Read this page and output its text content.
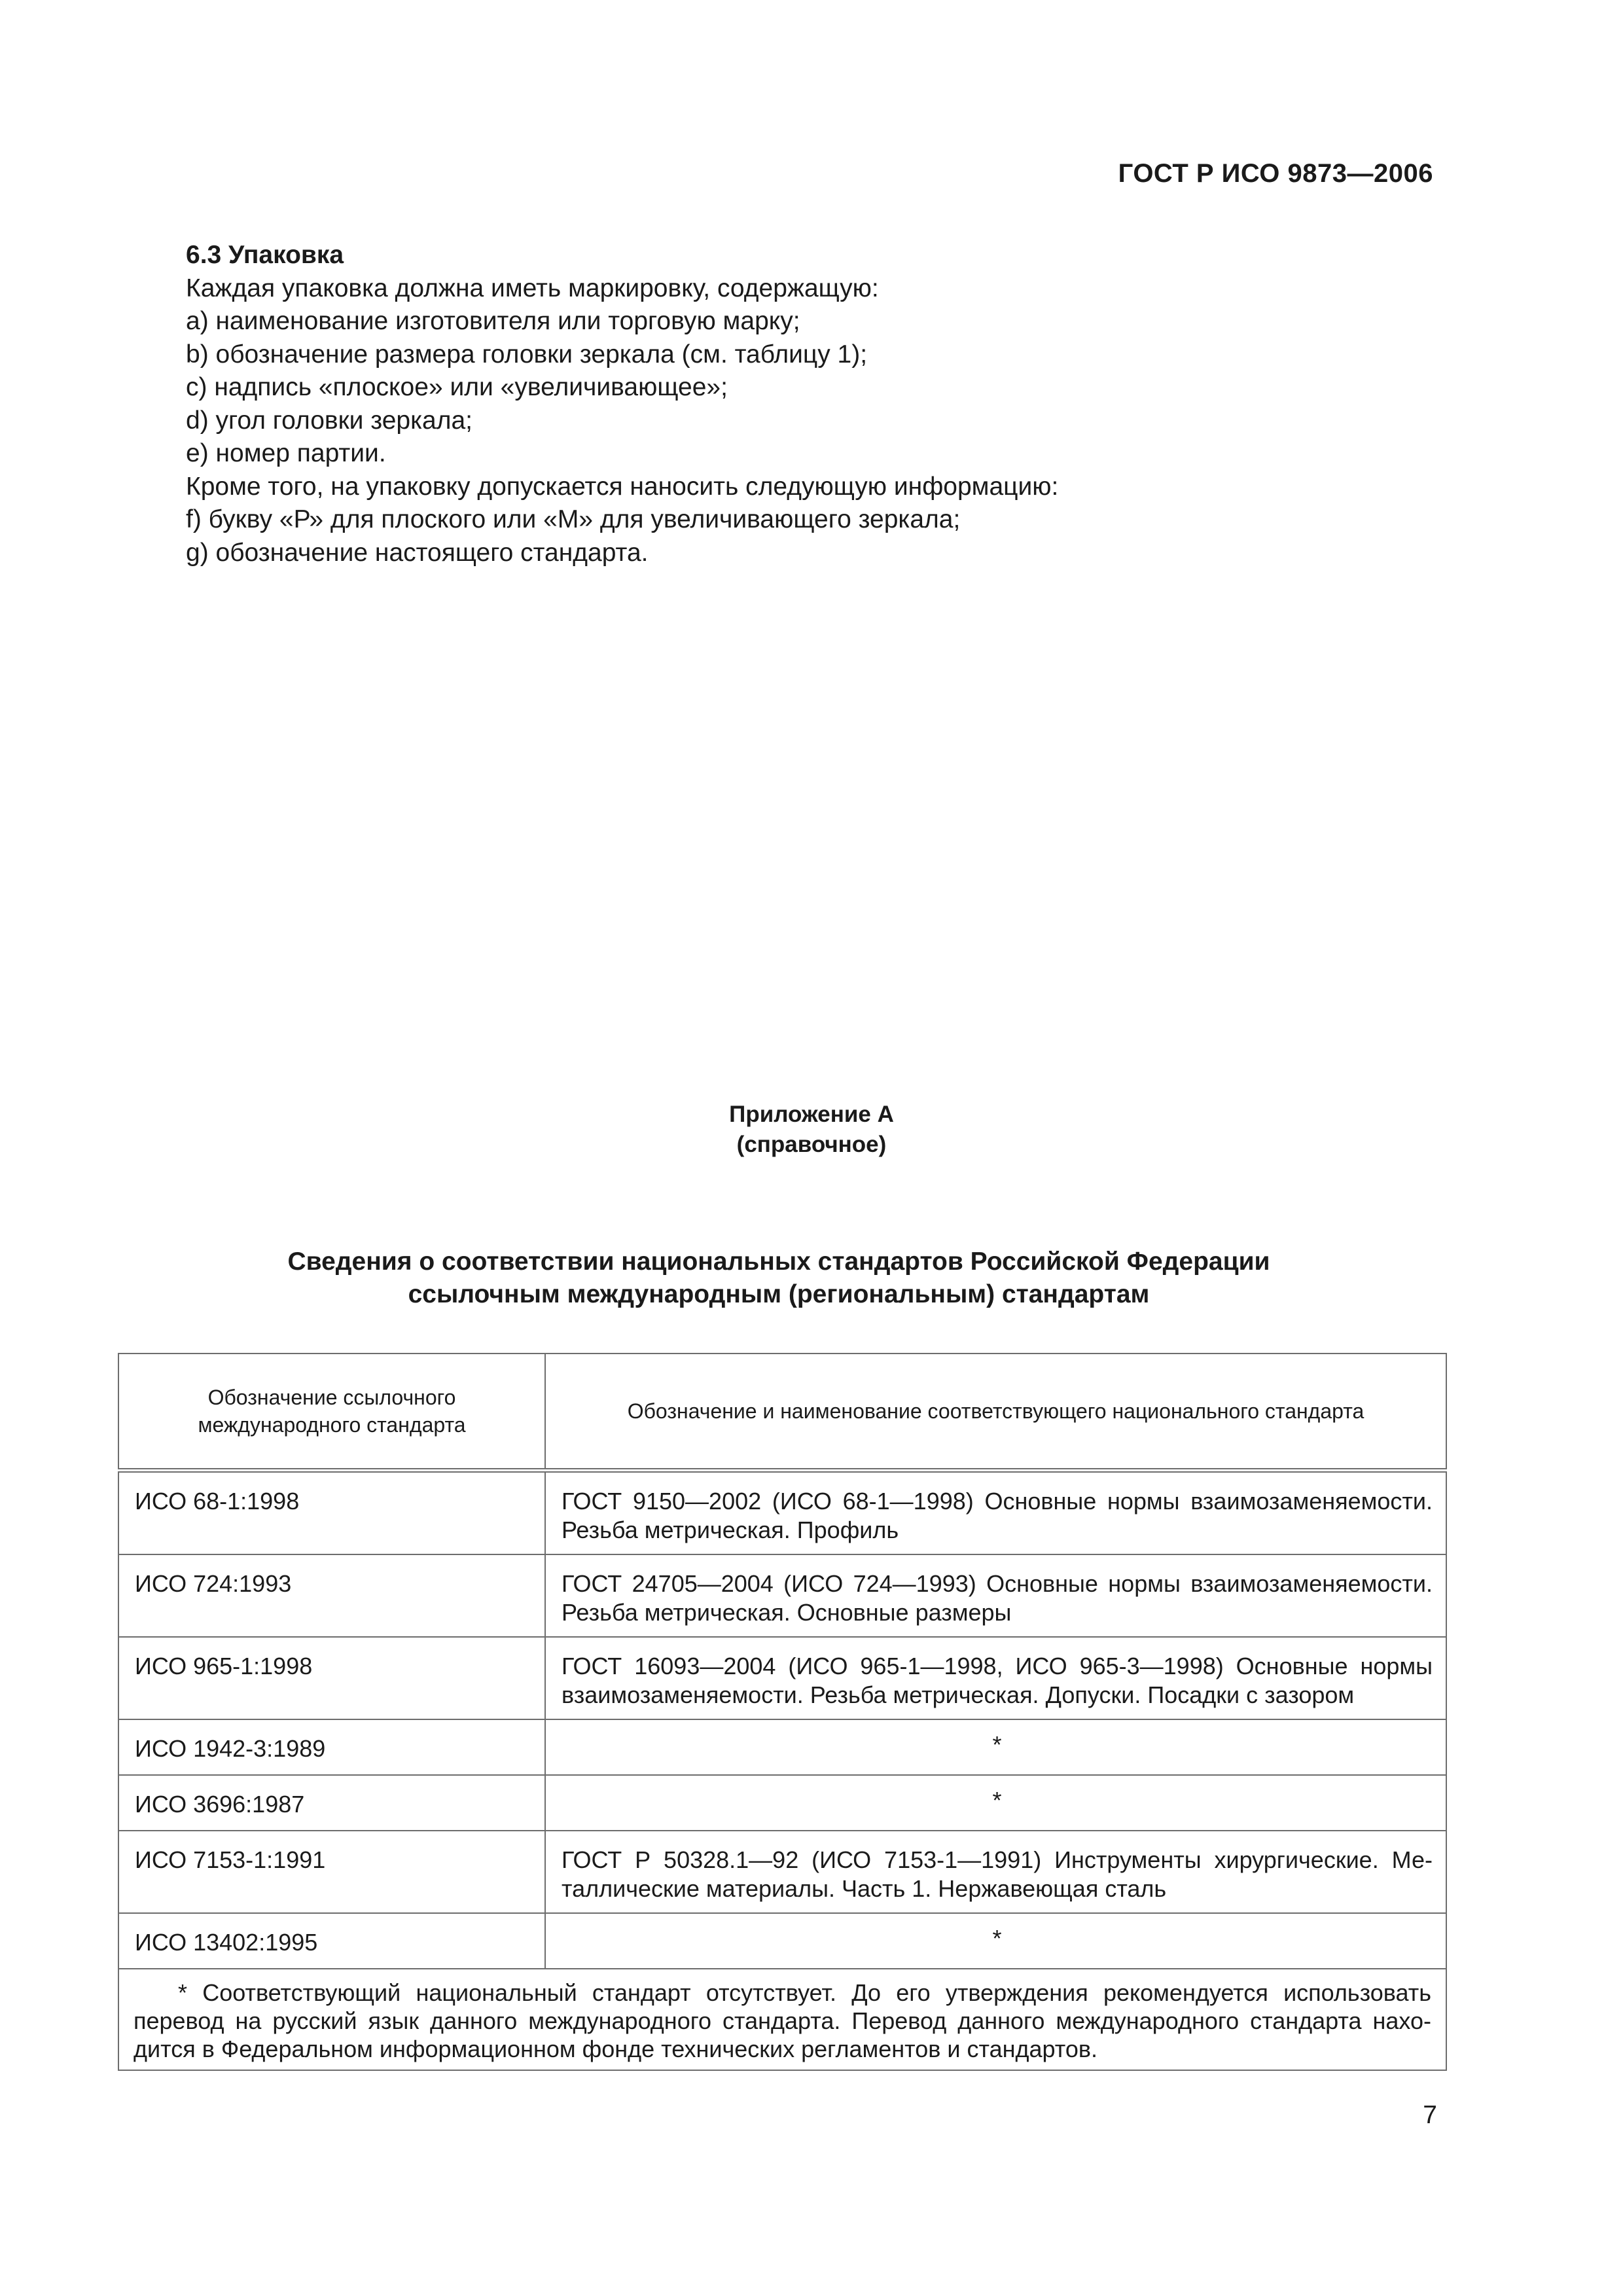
ГОСТ Р ИСО 9873—2006

6.3 Упаковка

Каждая упаковка должна иметь маркировку, содержащую:

a) наименование изготовителя или торговую марку;

b) обозначение размера головки зеркала (см. таблицу 1);

c) надпись «плоское» или «увеличивающее»;

d) угол головки зеркала;

e) номер партии.

Кроме того, на упаковку допускается наносить следующую информацию:

f) букву «Р» для плоского или «М» для увеличивающего зеркала;

g) обозначение настоящего стандарта.

Приложение А
(справочное)
Сведения о соответствии национальных стандартов Российской Федерации
ссылочным международным (региональным) стандартам
Обозначение ссылочного международного стандарта	Обозначение и наименование соответствующего национального стандарта
ИСО 68-1:1998	ГОСТ 9150—2002 (ИСО 68-1—1998) Основные нормы взаимозаменяемости. Резьба метрическая. Профиль
ИСО 724:1993	ГОСТ 24705—2004 (ИСО 724—1993) Основные нормы взаимозаменяемости. Резьба метрическая. Основные размеры
ИСО 965-1:1998	ГОСТ 16093—2004 (ИСО 965-1—1998, ИСО 965-3—1998) Основные нормы взаимозаменяемости. Резьба метрическая. Допуски. Посадки с зазором
ИСО 1942-3:1989	*
ИСО 3696:1987	*
ИСО 7153-1:1991	ГОСТ Р 50328.1—92 (ИСО 7153-1—1991) Инструменты хирургические. Металлические материалы. Часть 1. Нержавеющая сталь
ИСО 13402:1995	*
* Соответствующий национальный стандарт отсутствует. До его утверждения рекомендуется использовать перевод на русский язык данного международного стандарта. Перевод данного международного стандарта находится в Федеральном информационном фонде технических регламентов и стандартов.	
7
